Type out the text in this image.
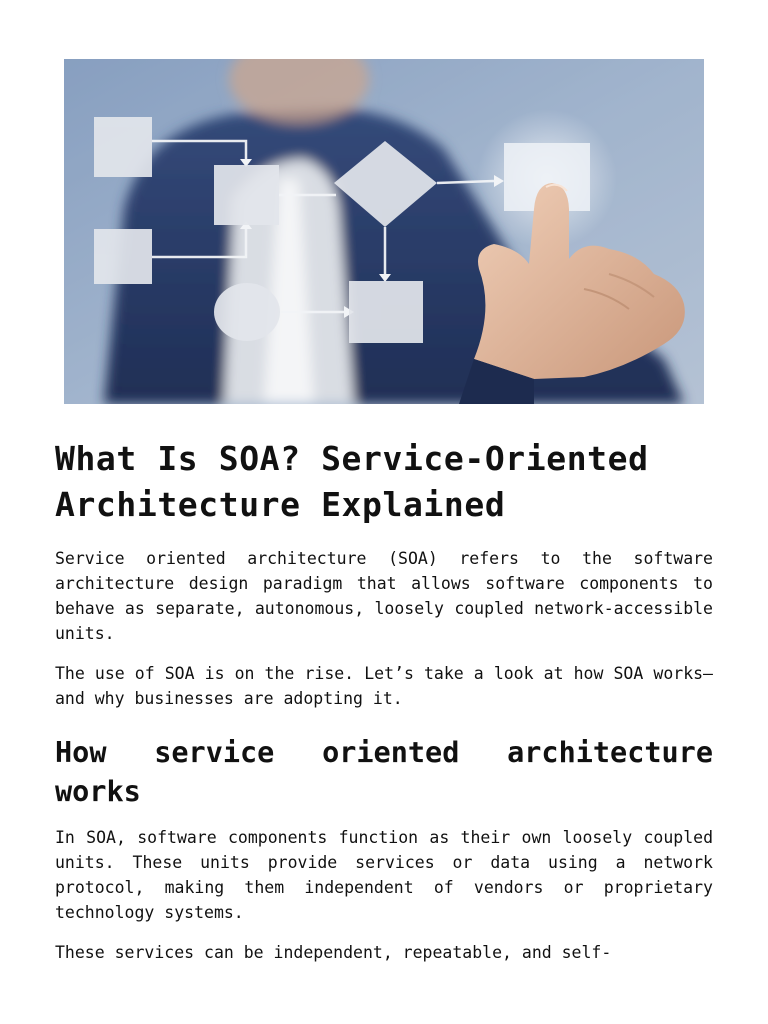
What Is SOA? Service-Oriented Architecture Explained

Service oriented architecture (SOA) refers to the software architecture design paradigm that allows software components to behave as separate, autonomous, loosely coupled network-accessible units.

The use of SOA is on the rise. Let’s take a look at how SOA works—and why businesses are adopting it.

How service oriented architecture works

In SOA, software components function as their own loosely coupled units. These units provide services or data using a network protocol, making them independent of vendors or proprietary technology systems.

These services can be independent, repeatable, and self-
